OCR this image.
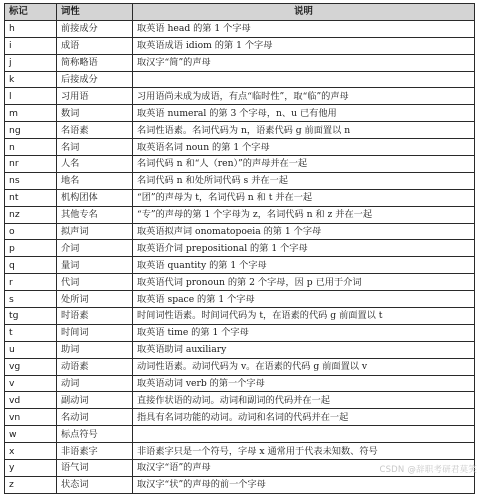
标记	词性	说明
h	前接成分	取英语 head 的第 1 个字母
i	成语	取英语成语 idiom 的第 1 个字母
j	简称略语	取汉字“简”的声母
k	后接成分	
l	习用语	习用语尚未成为成语，有点“临时性”，取“临”的声母
m	数词	取英语 numeral 的第 3 个字母，n、u 已有他用
ng	名语素	名词性语素。名词代码为 n，语素代码 g 前面置以 n
n	名词	取英语名词 noun 的第 1 个字母
nr	人名	名词代码 n 和“人（ren）”的声母并在一起
ns	地名	名词代码 n 和处所词代码 s 并在一起
nt	机构团体	“团”的声母为 t，名词代码 n 和 t 并在一起
nz	其他专名	“专”的声母的第 1 个字母为 z，名词代码 n 和 z 并在一起
o	拟声词	取英语拟声词 onomatopoeia 的第 1 个字母
p	介词	取英语介词 prepositional 的第 1 个字母
q	量词	取英语 quantity 的第 1 个字母
r	代词	取英语代词 pronoun 的第 2 个字母，因 p 已用于介词
s	处所词	取英语 space 的第 1 个字母
tg	时语素	时间词性语素。时间词代码为 t，在语素的代码 g 前面置以 t
t	时间词	取英语 time 的第 1 个字母
u	助词	取英语助词 auxiliary
vg	动语素	动词性语素。动词代码为 v。在语素的代码 g 前面置以 v
v	动词	取英语动词 verb 的第一个字母
vd	副动词	直接作状语的动词。动词和副词的代码并在一起
vn	名动词	指具有名词功能的动词。动词和名词的代码并在一起
w	标点符号	
x	非语素字	非语素字只是一个符号，字母 x 通常用于代表未知数、符号
y	语气词	取汉字“语”的声母
z	状态词	取汉字“状”的声母的前一个字母
CSDN @辞职考研君莫笑
